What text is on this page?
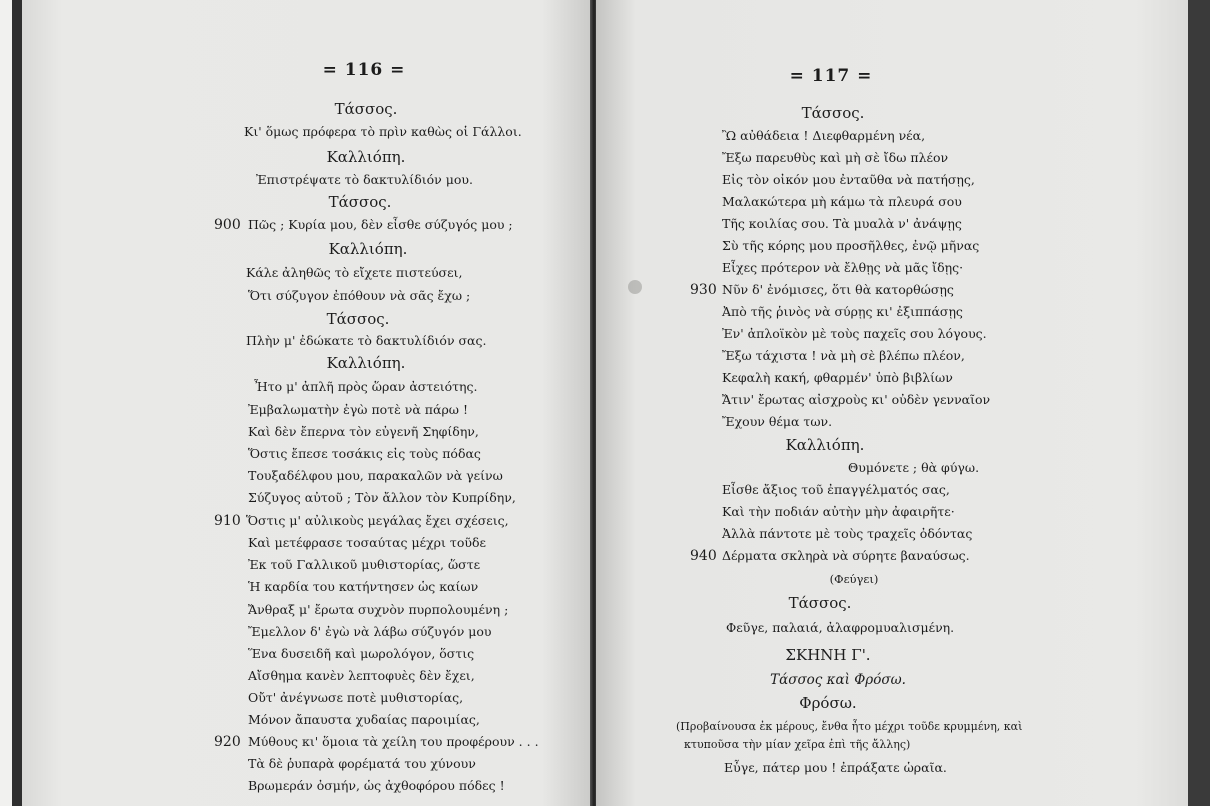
= 116 =
Τάσσος.
Κι' ὅμως πρόφερα τὸ πρὶν καθὼς οἱ Γάλλοι.
Καλλιόπη.
Ἐπιστρέψατε τὸ δακτυλίδιόν μου.
Τάσσος.
900 Πῶς ; Κυρία μου, δὲν εἶσθε σύζυγός μου ;
Καλλιόπη.
Κάλε ἀληθῶς τὸ εἴχετε πιστεύσει,
Ὅτι σύζυγον ἐπόθουν νὰ σᾶς ἔχω ;
Τάσσος.
Πλὴν μ' ἐδώκατε τὸ δακτυλίδιόν σας.
Καλλιόπη.
Ἦτο μ' ἀπλῆ πρὸς ὥραν ἀστειότης.
Ἐμβαλωματὴν ἐγὼ ποτὲ νὰ πάρω !
Καὶ δὲν ἔπερνα τὸν εὐγενῆ Σηφίδην,
Ὅστις ἔπεσε τοσάκις εἰς τοὺς πόδας
Τουξαδέλφου μου, παρακαλῶν νὰ γείνω
Σύζυγος αὐτοῦ ; Τὸν ἄλλον τὸν Κυπρίδην,
910 Ὅστις μ' αὐλικοὺς μεγάλας ἔχει σχέσεις,
Καὶ μετέφρασε τοσαύτας μέχρι τοῦδε
Ἐκ τοῦ Γαλλικοῦ μυθιστορίας, ὥστε
Ἡ καρδία του κατήντησεν ὡς καίων
Ἄνθραξ μ' ἔρωτα συχνὸν πυρπολουμένη ;
Ἔμελλον δ' ἐγὼ νὰ λάβω σύζυγόν μου
Ἕνα δυσειδῆ καὶ μωρολόγον, ὅστις
Αἴσθημα κανὲν λεπτοφυὲς δὲν ἔχει,
Οὔτ' ἀνέγνωσε ποτὲ μυθιστορίας,
Μόνον ἄπαυστα χυδαίας παροιμίας,
920 Μύθους κι' ὅμοια τὰ χείλη του προφέρουν . . .
Τὰ δὲ ῥυπαρὰ φορέματά του χύνουν
Βρωμεράν ὀσμήν, ὡς ἀχθοφόρου πόδες !
= 117 =
Τάσσος.
Ὢ αὐθάδεια ! Διεφθαρμένη νέα,
Ἔξω παρευθὺς καὶ μὴ σὲ ἴδω πλέον
Εἰς τὸν οἰκόν μου ἐνταῦθα νὰ πατήσῃς,
Μαλακώτερα μὴ κάμω τὰ πλευρά σου
Τῆς κοιλίας σου. Τὰ μυαλὰ ν' ἀνάψῃς
Σὺ τῆς κόρης μου προσῆλθες, ἐνῷ μῆνας
Εἶχες πρότερον νὰ ἔλθῃς νὰ μᾶς ἴδῃς·
930 Νῦν δ' ἐνόμισες, ὅτι θὰ κατορθώσῃς
Ἀπὸ τῆς ῥινὸς νὰ σύρῃς κι' ἐξιππάσῃς
Ἐν' ἀπλοϊκὸν μὲ τοὺς παχεῖς σου λόγους.
Ἔξω τάχιστα ! νὰ μὴ σὲ βλέπω πλέον,
Κεφαλὴ κακή, φθαρμέν' ὑπὸ βιβλίων
Ἄτιν' ἔρωτας αἰσχροὺς κι' οὐδὲν γενναῖον
Ἔχουν θέμα των.
Καλλιόπη.
Θυμόνετε ; θὰ φύγω.
Εἶσθε ἄξιος τοῦ ἐπαγγέλματός σας,
Καὶ τὴν ποδιάν αὐτὴν μὴν ἀφαιρῆτε·
Ἀλλὰ πάντοτε μὲ τοὺς τραχεῖς ὀδόντας
940 Δέρματα σκληρὰ νὰ σύρητε βαναύσως.
(Φεύγει)
Τάσσος.
Φεῦγε, παλαιά, ἀλαφρομυαλισμένη.
ΣΚΗΝΗ Γ'.
Τάσσος καὶ Φρόσω.
Φρόσω.
(Προβαίνουσα ἐκ μέρους, ἔνθα ἦτο μέχρι τοῦδε κρυμμένη, καὶ
κτυποῦσα τὴν μίαν χεῖρα ἐπὶ τῆς ἄλλης)
Εὖγε, πάτερ μου ! ἐπράξατε ὡραῖα.
